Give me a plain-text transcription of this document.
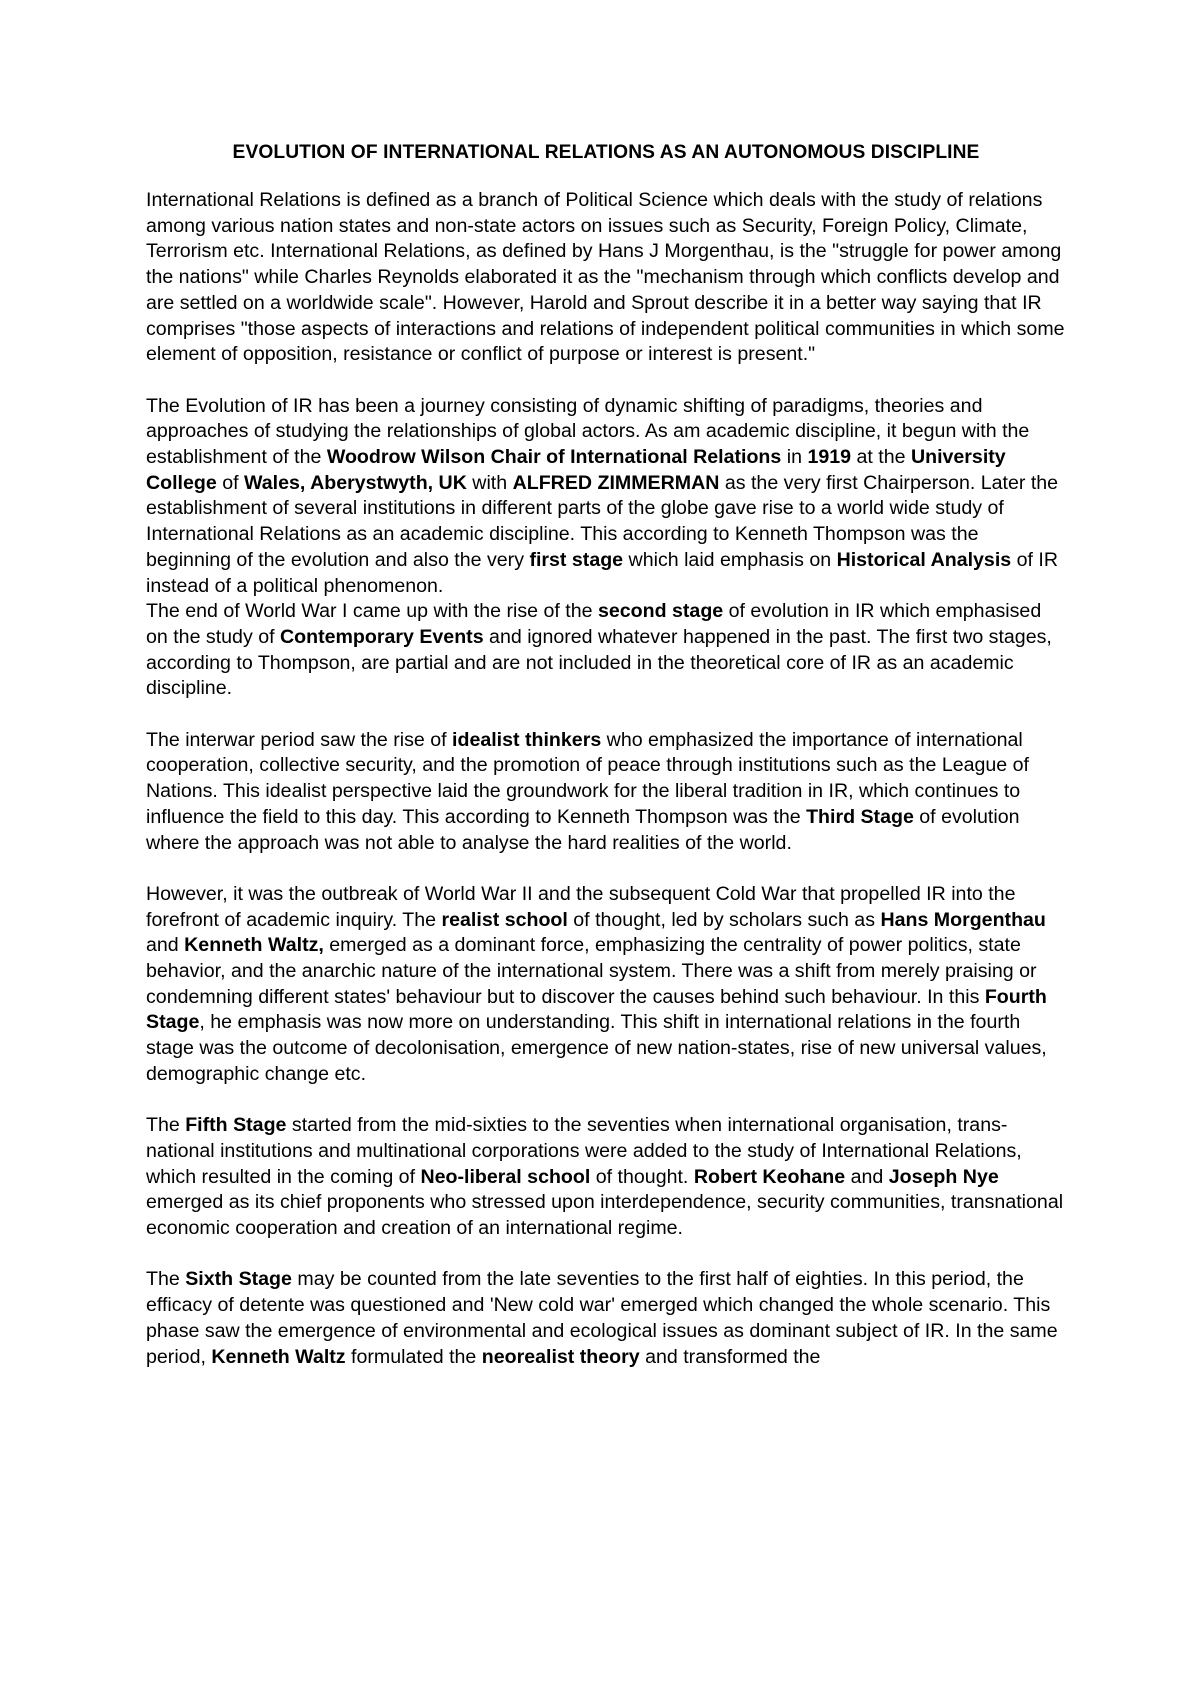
EVOLUTION OF INTERNATIONAL RELATIONS AS AN AUTONOMOUS DISCIPLINE

International Relations is defined as a branch of Political Science which deals with the study of relations among various nation states and non-state actors on issues such as Security, Foreign Policy, Climate, Terrorism etc. International Relations, as defined by Hans J Morgenthau, is the "struggle for power among the nations" while Charles Reynolds elaborated it as the "mechanism through which conflicts develop and are settled on a worldwide scale". However, Harold and Sprout describe it in a better way saying that IR comprises "those aspects of interactions and relations of independent political communities in which some element of opposition, resistance or conflict of purpose or interest is present."

The Evolution of IR has been a journey consisting of dynamic shifting of paradigms, theories and approaches of studying the relationships of global actors. As am academic discipline, it begun with the establishment of the Woodrow Wilson Chair of International Relations in 1919 at the University College of Wales, Aberystwyth, UK with ALFRED ZIMMERMAN as the very first Chairperson. Later the establishment of several institutions in different parts of the globe gave rise to a world wide study of International Relations as an academic discipline. This according to Kenneth Thompson was the beginning of the evolution and also the very first stage which laid emphasis on Historical Analysis of IR instead of a political phenomenon.

The end of World War I came up with the rise of the second stage of evolution in IR which emphasised on the study of Contemporary Events and ignored whatever happened in the past. The first two stages, according to Thompson, are partial and are not included in the theoretical core of IR as an academic discipline.

The interwar period saw the rise of idealist thinkers who emphasized the importance of international cooperation, collective security, and the promotion of peace through institutions such as the League of Nations. This idealist perspective laid the groundwork for the liberal tradition in IR, which continues to influence the field to this day. This according to Kenneth Thompson was the Third Stage of evolution where the approach was not able to analyse the hard realities of the world.

However, it was the outbreak of World War II and the subsequent Cold War that propelled IR into the forefront of academic inquiry. The realist school of thought, led by scholars such as Hans Morgenthau and Kenneth Waltz, emerged as a dominant force, emphasizing the centrality of power politics, state behavior, and the anarchic nature of the international system. There was a shift from merely praising or condemning different states' behaviour but to discover the causes behind such behaviour. In this Fourth Stage, he emphasis was now more on understanding. This shift in international relations in the fourth stage was the outcome of decolonisation, emergence of new nation-states, rise of new universal values, demographic change etc.

The Fifth Stage started from the mid-sixties to the seventies when international organisation, trans-national institutions and multinational corporations were added to the study of International Relations, which resulted in the coming of Neo-liberal school of thought. Robert Keohane and Joseph Nye emerged as its chief proponents who stressed upon interdependence, security communities, transnational economic cooperation and creation of an international regime.

The Sixth Stage may be counted from the late seventies to the first half of eighties. In this period, the efficacy of detente was questioned and 'New cold war' emerged which changed the whole scenario. This phase saw the emergence of environmental and ecological issues as dominant subject of IR. In the same period, Kenneth Waltz formulated the neorealist theory and transformed the
